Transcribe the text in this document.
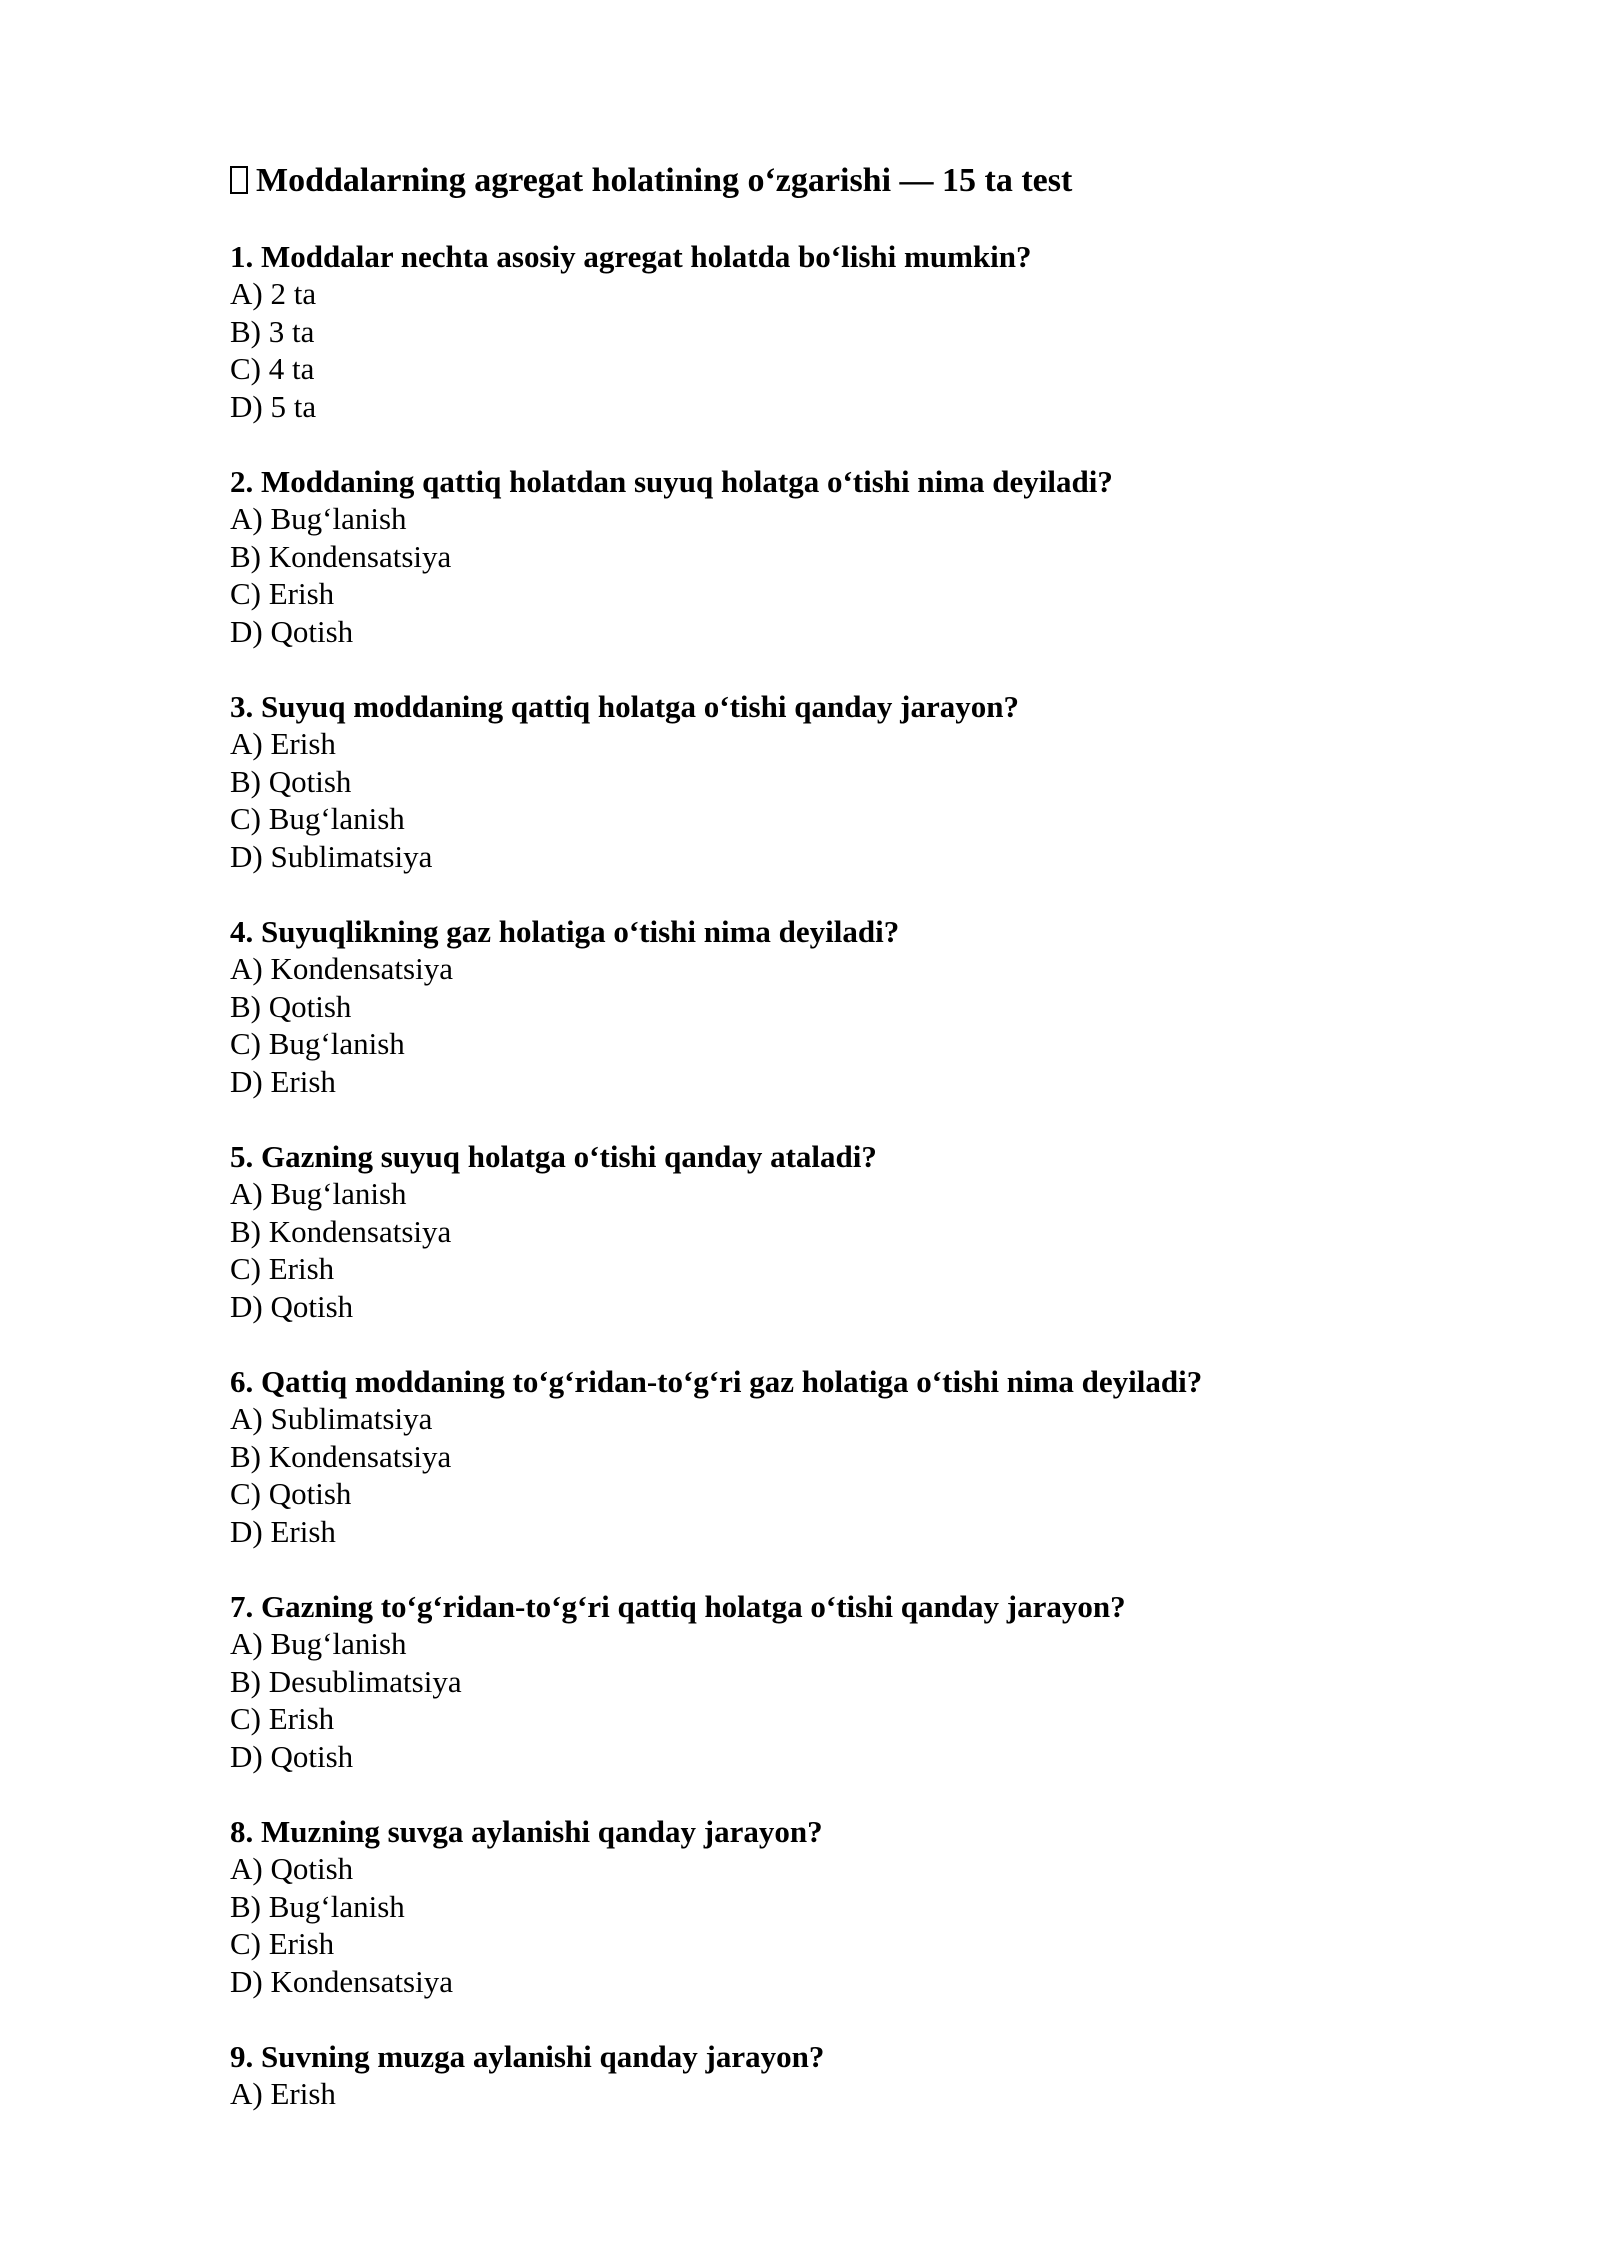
Moddalarning agregat holatining o‘zgarishi — 15 ta test
1. Moddalar nechta asosiy agregat holatda bo‘lishi mumkin?
A) 2 ta
B) 3 ta
C) 4 ta
D) 5 ta
2. Moddaning qattiq holatdan suyuq holatga o‘tishi nima deyiladi?
A) Bug‘lanish
B) Kondensatsiya
C) Erish
D) Qotish
3. Suyuq moddaning qattiq holatga o‘tishi qanday jarayon?
A) Erish
B) Qotish
C) Bug‘lanish
D) Sublimatsiya
4. Suyuqlikning gaz holatiga o‘tishi nima deyiladi?
A) Kondensatsiya
B) Qotish
C) Bug‘lanish
D) Erish
5. Gazning suyuq holatga o‘tishi qanday ataladi?
A) Bug‘lanish
B) Kondensatsiya
C) Erish
D) Qotish
6. Qattiq moddaning to‘g‘ridan-to‘g‘ri gaz holatiga o‘tishi nima deyiladi?
A) Sublimatsiya
B) Kondensatsiya
C) Qotish
D) Erish
7. Gazning to‘g‘ridan-to‘g‘ri qattiq holatga o‘tishi qanday jarayon?
A) Bug‘lanish
B) Desublimatsiya
C) Erish
D) Qotish
8. Muzning suvga aylanishi qanday jarayon?
A) Qotish
B) Bug‘lanish
C) Erish
D) Kondensatsiya
9. Suvning muzga aylanishi qanday jarayon?
A) Erish
